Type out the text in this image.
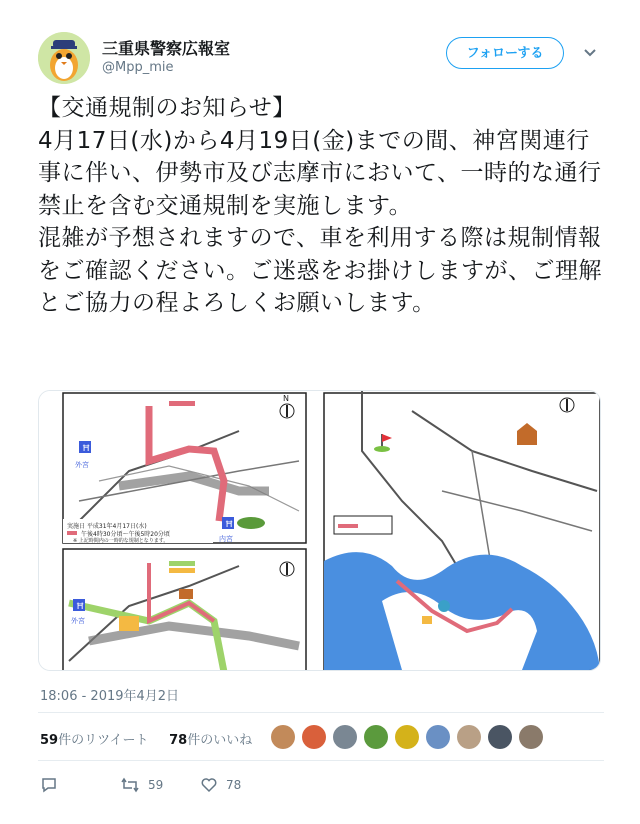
三重県警察広報室
@Mpp_mie
フォローする
【交通規制のお知らせ】
4月17日(水)から4月19日(金)までの間、神宮関連行事に伴い、伊勢市及び志摩市において、一時的な通行禁止を含む交通規制を実施します。
混雑が予想されますので、車を利用する際は規制情報をご確認ください。ご迷惑をお掛けしますが、ご理解とご協力の程よろしくお願いします。
Ħ
外宮
Ħ
内宮
N
実施日 平成31年4月17日(水)
午後4時30分頃～午後5時20分頃
※ 上記時間内の一時的な規制となります。
Ħ
外宮
18:06 - 2019年4月2日
59件のリツイート 78件のいいね
59	78
